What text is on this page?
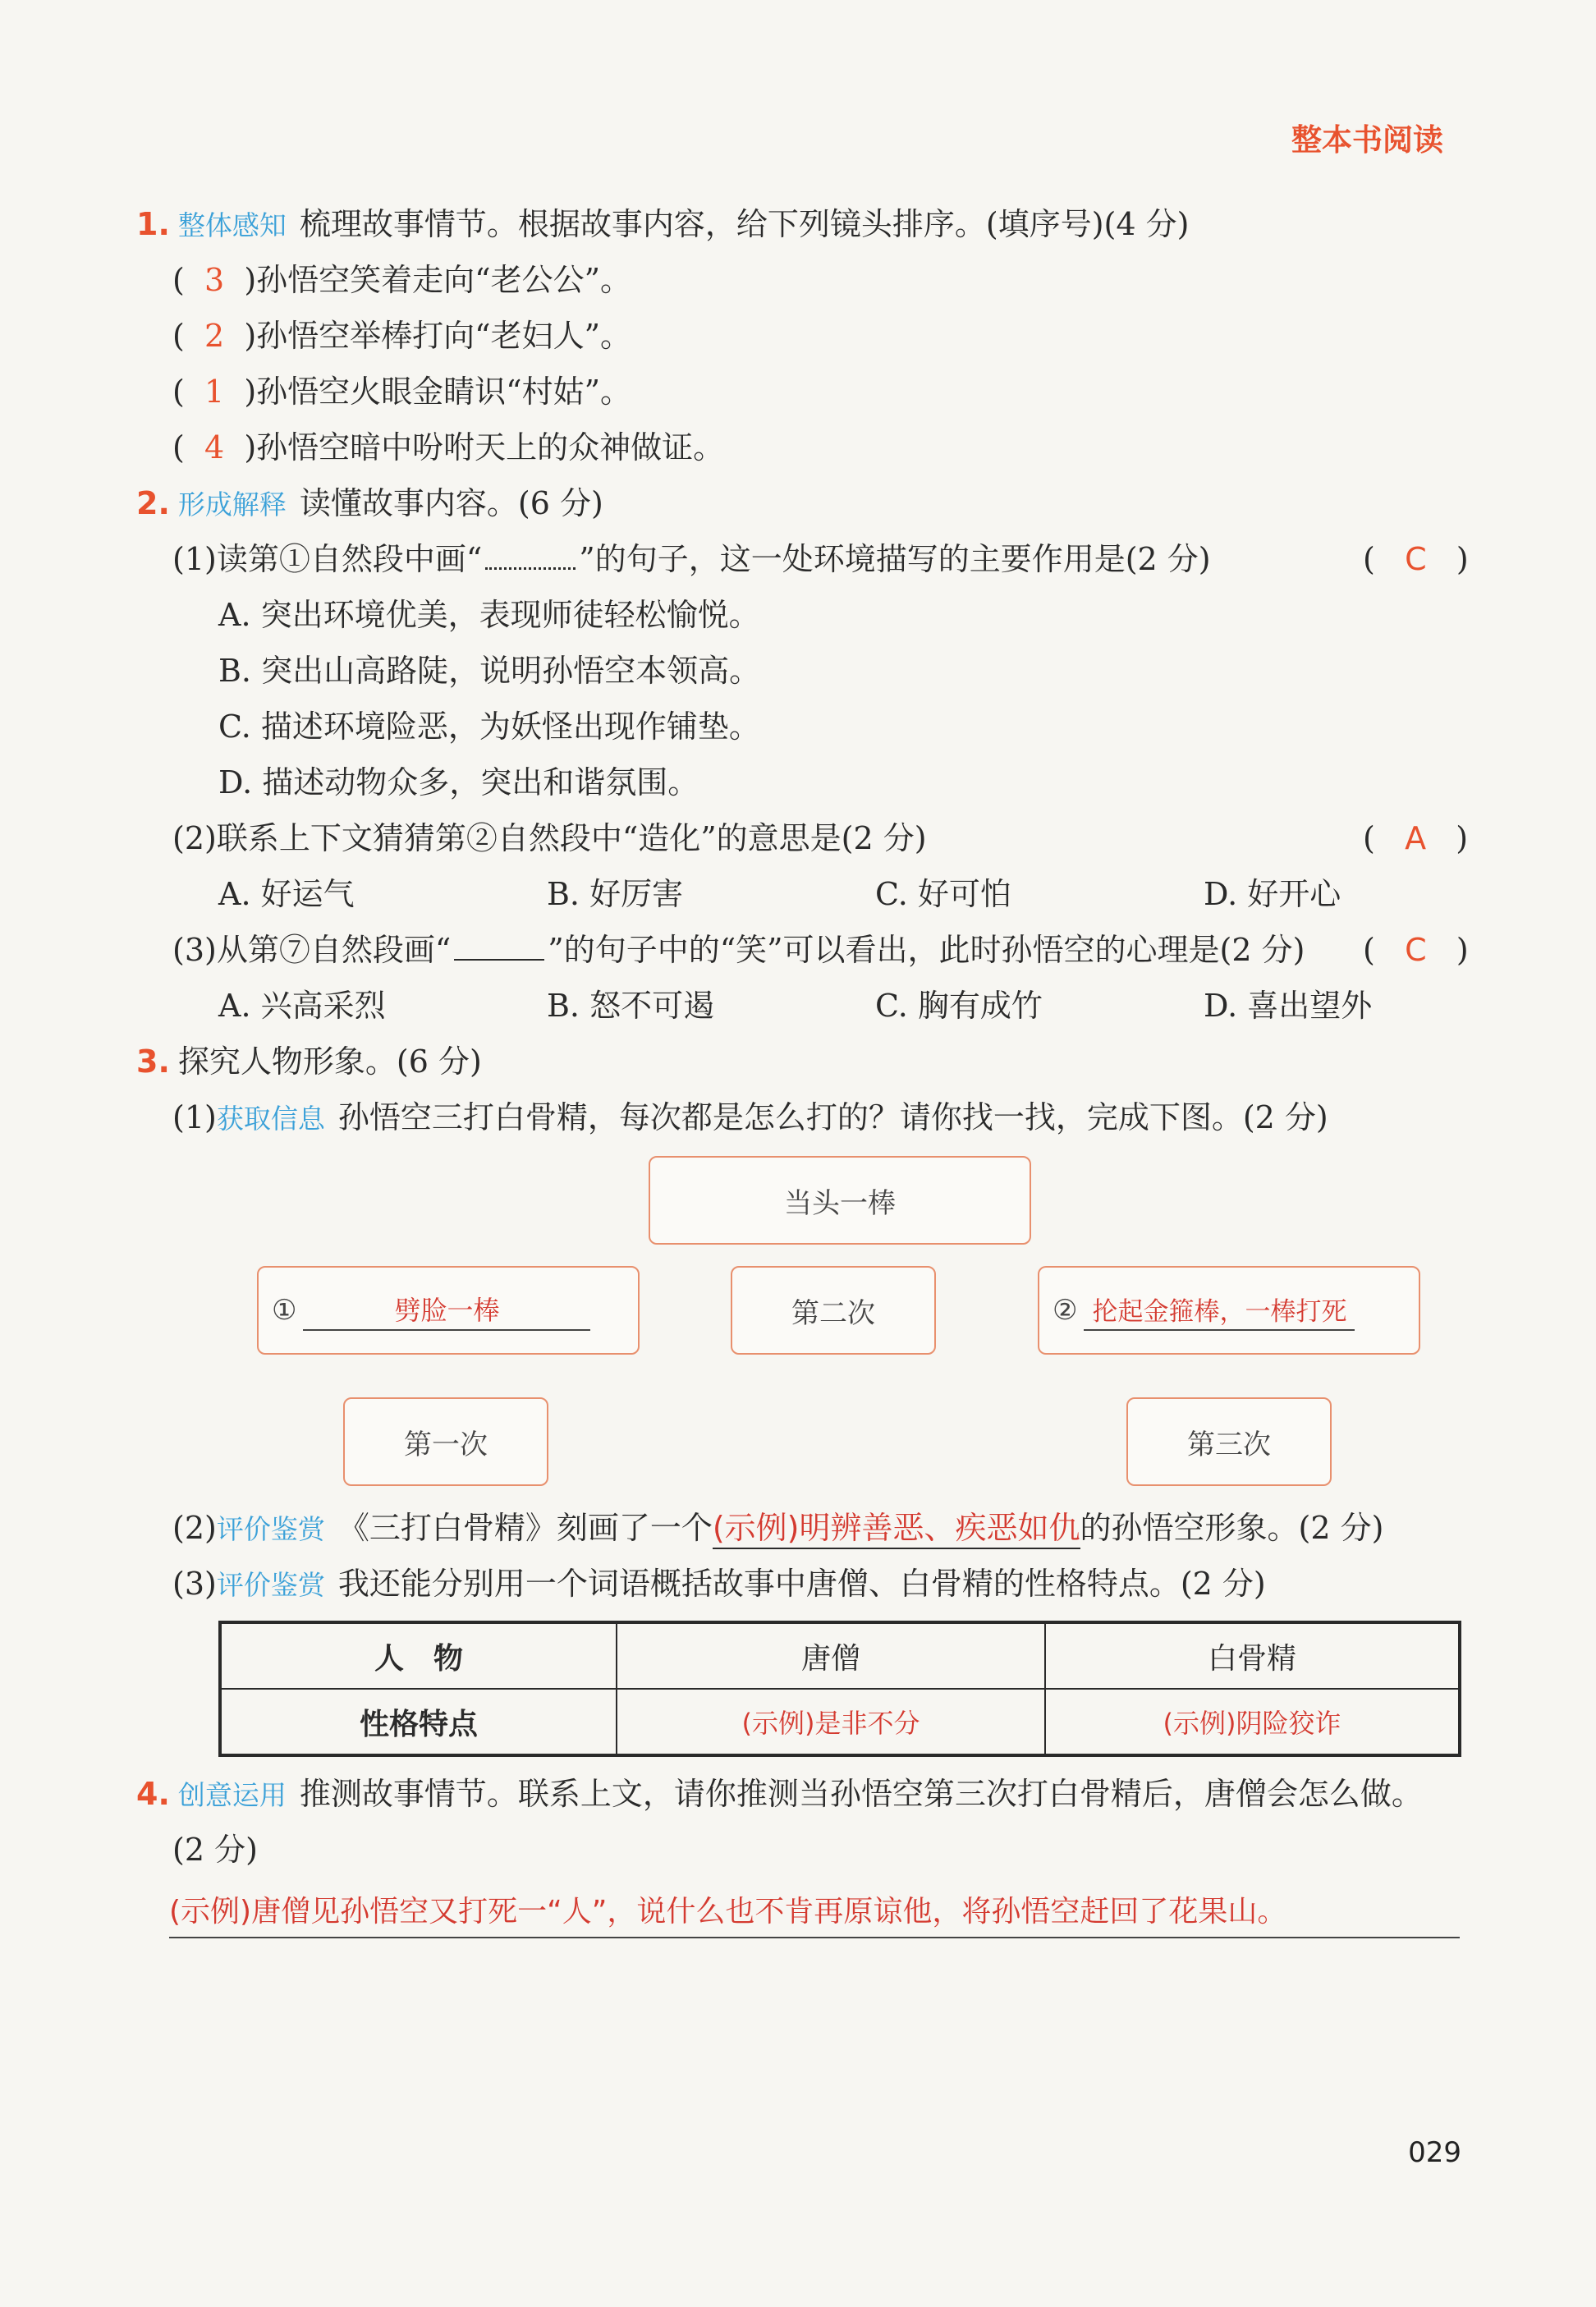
整本书阅读
1. 整体感知 梳理故事情节。根据故事内容，给下列镜头排序。(填序号)(4 分)
(  3 )孙悟空笑着走向“老公公”。
(  2 )孙悟空举棒打向“老妇人”。
(  1 )孙悟空火眼金睛识“村姑”。
(  4 )孙悟空暗中吩咐天上的众神做证。
2. 形成解释 读懂故事内容。(6 分)
(1)读第①自然段中画“	”的句子，这一处环境描写的主要作用是(2 分)	(   C   )
A. 突出环境优美，表现师徒轻松愉悦。
B. 突出山高路陡，说明孙悟空本领高。
C. 描述环境险恶，为妖怪出现作铺垫。
D. 描述动物众多，突出和谐氛围。
(2)联系上下文猜猜第②自然段中“造化”的意思是(2 分)	(   A   )
A. 好运气	B. 好厉害	C. 好可怕	D. 好开心
(3)从第⑦自然段画“	”的句子中的“笑”可以看出，此时孙悟空的心理是(2 分) (   C   )
A. 兴高采烈	B. 怒不可遏	C. 胸有成竹	D. 喜出望外
3. 探究人物形象。(6 分)
(1)获取信息 孙悟空三打白骨精，每次都是怎么打的？请你找一找，完成下图。(2 分)
当头一棒
①	劈脸一棒	第二次	② 抡起金箍棒，一棒打死
第一次	第三次
(2)评价鉴赏 《三打白骨精》刻画了一个(示例)明辨善恶、疾恶如仇的孙悟空形象。(2 分)
(3)评价鉴赏 我还能分别用一个词语概括故事中唐僧、白骨精的性格特点。(2 分)
人　物	唐僧	白骨精
性格特点	(示例)是非不分	(示例)阴险狡诈
4. 创意运用 推测故事情节。联系上文，请你推测当孙悟空第三次打白骨精后，唐僧会怎么做。
(2 分)
(示例)唐僧见孙悟空又打死一“人”，说什么也不肯再原谅他，将孙悟空赶回了花果山。
029
